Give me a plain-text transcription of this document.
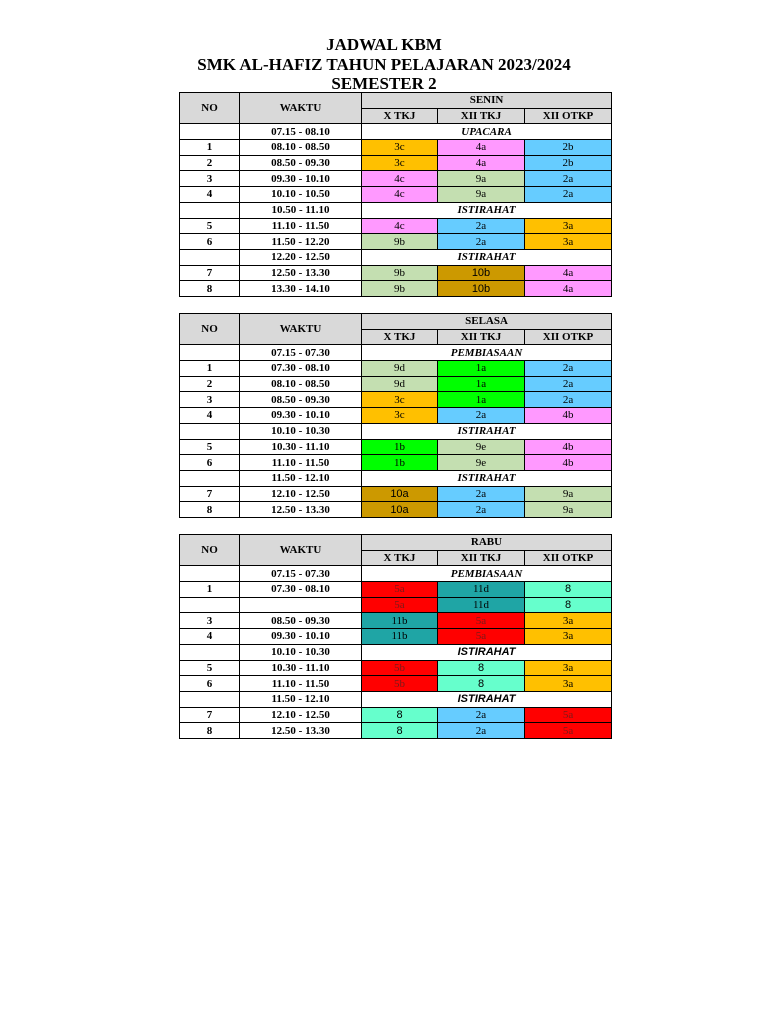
JADWAL KBM
SMK AL-HAFIZ TAHUN PELAJARAN 2023/2024
SEMESTER 2
NO	WAKTU	SENIN		
		X TKJ	XII TKJ	XII OTKP
	07.15 - 08.10	UPACARA		
1	08.10 - 08.50	3c	4a	2b
2	08.50 - 09.30	3c	4a	2b
3	09.30 - 10.10	4c	9a	2a
4	10.10 - 10.50	4c	9a	2a
	10.50 - 11.10	ISTIRAHAT		
5	11.10 - 11.50	4c	2a	3a
6	11.50 - 12.20	9b	2a	3a
	12.20 - 12.50	ISTIRAHAT		
7	12.50 - 13.30	9b	10b	4a
8	13.30 - 14.10	9b	10b	4a
NO	WAKTU	SELASA		
		X TKJ	XII TKJ	XII OTKP
	07.15 - 07.30	PEMBIASAAN		
1	07.30 - 08.10	9d	1a	2a
2	08.10 - 08.50	9d	1a	2a
3	08.50 - 09.30	3c	1a	2a
4	09.30 - 10.10	3c	2a	4b
	10.10 - 10.30	ISTIRAHAT		
5	10.30 - 11.10	1b	9e	4b
6	11.10 - 11.50	1b	9e	4b
	11.50 - 12.10	ISTIRAHAT		
7	12.10 - 12.50	10a	2a	9a
8	12.50 - 13.30	10a	2a	9a
NO	WAKTU	RABU		
		X TKJ	XII TKJ	XII OTKP
	07.15 - 07.30	PEMBIASAAN		
1	07.30 - 08.10	5a	11d	8
		5a	11d	8
3	08.50 - 09.30	11b	5a	3a
4	09.30 - 10.10	11b	5a	3a
	10.10 - 10.30	ISTIRAHAT		
5	10.30 - 11.10	5b	8	3a
6	11.10 - 11.50	5b	8	3a
	11.50 - 12.10	ISTIRAHAT		
7	12.10 - 12.50	8	2a	5a
8	12.50 - 13.30	8	2a	5a
